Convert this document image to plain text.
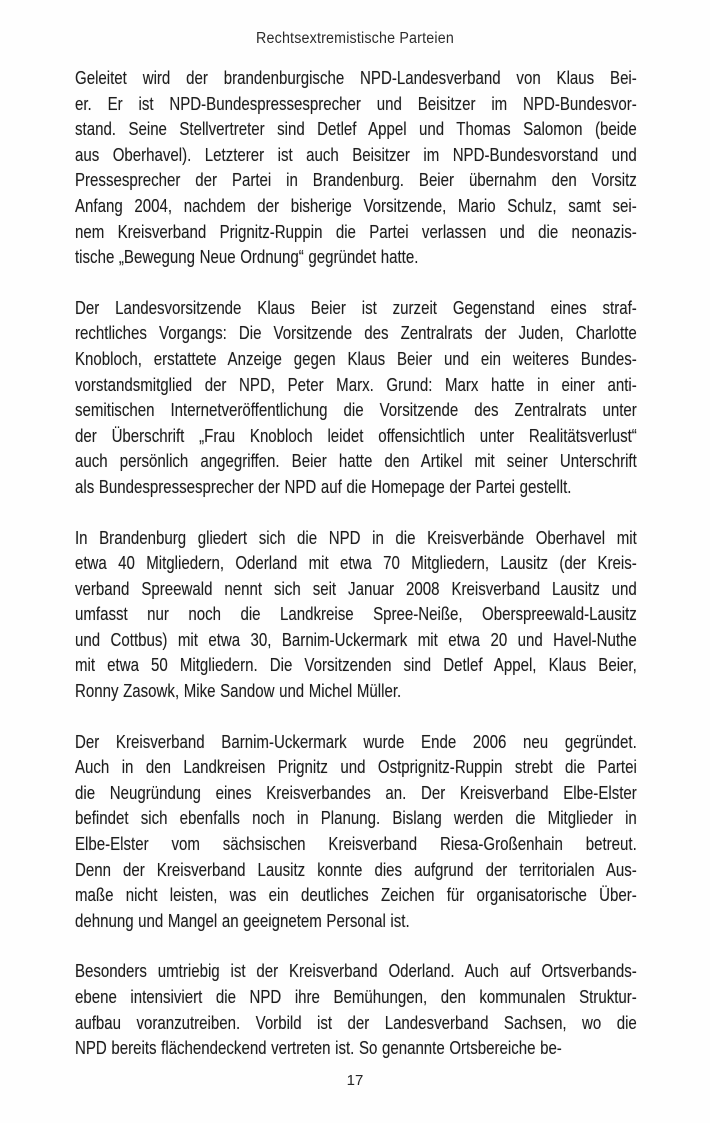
Rechtsextremistische Parteien
Geleitet wird der brandenburgische NPD-Landesverband von Klaus Bei-
er. Er ist NPD-Bundespressesprecher und Beisitzer im NPD-Bundesvor-
stand. Seine Stellvertreter sind Detlef Appel und Thomas Salomon (beide
aus Oberhavel). Letzterer ist auch Beisitzer im NPD-Bundesvorstand und
Pressesprecher der Partei in Brandenburg. Beier übernahm den Vorsitz
Anfang 2004, nachdem der bisherige Vorsitzende, Mario Schulz, samt sei-
nem Kreisverband Prignitz-Ruppin die Partei verlassen und die neonazis-
tische „Bewegung Neue Ordnung“ gegründet hatte.
Der Landesvorsitzende Klaus Beier ist zurzeit Gegenstand eines straf-
rechtliches Vorgangs: Die Vorsitzende des Zentralrats der Juden, Charlotte
Knobloch, erstattete Anzeige gegen Klaus Beier und ein weiteres Bundes-
vorstandsmitglied der NPD, Peter Marx. Grund: Marx hatte in einer anti-
semitischen Internetveröffentlichung die Vorsitzende des Zentralrats unter
der Überschrift „Frau Knobloch leidet offensichtlich unter Realitätsverlust“
auch persönlich angegriffen. Beier hatte den Artikel mit seiner Unterschrift
als Bundespressesprecher der NPD auf die Homepage der Partei gestellt.
In Brandenburg gliedert sich die NPD in die Kreisverbände Oberhavel mit
etwa 40 Mitgliedern, Oderland mit etwa 70 Mitgliedern, Lausitz (der Kreis-
verband Spreewald nennt sich seit Januar 2008 Kreisverband Lausitz und
umfasst nur noch die Landkreise Spree-Neiße, Oberspreewald-Lausitz
und Cottbus) mit etwa 30, Barnim-Uckermark mit etwa 20 und Havel-Nuthe
mit etwa 50 Mitgliedern. Die Vorsitzenden sind Detlef Appel, Klaus Beier,
Ronny Zasowk, Mike Sandow und Michel Müller.
Der Kreisverband Barnim-Uckermark wurde Ende 2006 neu gegründet.
Auch in den Landkreisen Prignitz und Ostprignitz-Ruppin strebt die Partei
die Neugründung eines Kreisverbandes an. Der Kreisverband Elbe-Elster
befindet sich ebenfalls noch in Planung. Bislang werden die Mitglieder in
Elbe-Elster vom sächsischen Kreisverband Riesa-Großenhain betreut.
Denn der Kreisverband Lausitz konnte dies aufgrund der territorialen Aus-
maße nicht leisten, was ein deutliches Zeichen für organisatorische Über-
dehnung und Mangel an geeignetem Personal ist.
Besonders umtriebig ist der Kreisverband Oderland. Auch auf Ortsverbands-
ebene intensiviert die NPD ihre Bemühungen, den kommunalen Struktur-
aufbau voranzutreiben. Vorbild ist der Landesverband Sachsen, wo die
NPD bereits flächendeckend vertreten ist. So genannte Ortsbereiche be-
17
